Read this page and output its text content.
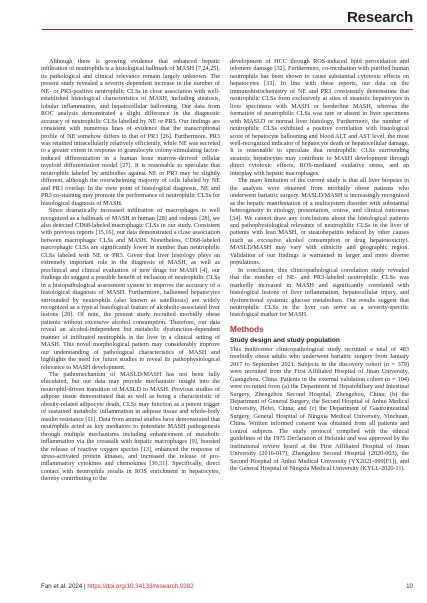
Research

Although there is growing evidence that enhanced hepatic infiltration of neutrophils is a histological hallmark of MASH [7,24,25], its pathological and clinical relevance remain largely unknown. The present study revealed a severity-dependent increase in the number of NE- or PR3-positive neutrophilic CLSs in close association with well-established histological characteristics of MASH, including steatosis, lobular inflammation, and hepatocellular ballooning. Our data from ROC analysis demonstrated a slight difference in the diagnostic accuracy of neutrophilic CLSs labelled by NE or PR3. Our findings are consistent with numerous lines of evidence that the transcriptional profile of NE somehow differs to that of PR3 [26]. Furthermore, PR3 was retained intracellularly relatively efficiently, while NE was secreted to a greater extent in response to granulocyte colony-stimulating factor-induced differentiation in a human bone marrow-derived cellular myeloid differentiation model [27]. It is reasonable to speculate that neutrophils labeled by antibodies against NE or PR3 may be slightly different, although the overwhelming majority of cells labeled by NE and PR3 overlap. In the view point of histological diagnosis, NE and PR3 co-staining may promote the performance of neutrophilic CLSs for histological diagnosis of MASH.

Since dramatically increased infiltration of macrophages is well recognized as a hallmark of MASH in human [28] and rodents [28], we also detected CD68-labeled macrophagic CLSs in our study. Consistent with previous reports [15,16], our data demonstrated a close association between macrophagic CLSs and MASH. Nonetheless, CD68-labeled macrophagic CLSs are significantly lower in number than neutrophilic CLSs labeled with NE or PR3. Given that liver histology plays an extremely important role in the diagnosis of MASH, as well as preclinical and clinical evaluation of new drugs for MASH [4], our findings do suggest a possible benefit of inclusion of neutrophilic CLSs in a histopathological assessment system to improve the accuracy of a histological diagnosis of MASH. Furthermore, ballooned hepatocytes surrounded by neutrophils (also known as satellitosis) are widely recognized as a typical histological feature of alcoholic-associated liver lesions [29]. Of note, the present study recruited morbidly obese patients without excessive alcohol consumption. Therefore, our data reveal an alcohol-independent but metabolic dysfunction-dependent manner of infiltrated neutrophils in the liver in a clinical setting of MASH. This novel morphological pattern may considerably improve our understanding of pathological characteristics of MASH and highlights the need for future studies to reveal its pathophysiological relevance to MASH development.

The pathomechanism of MASLD/MASH has not been fully elucidated, but our data may provide mechanistic insight into the neutrophil-driven transition of MASLD to MASH. Previous studies of adipose tissue demonstrated that as well as being a characteristic of obesity-related adipocyte death, CLSs may function as a potent trigger of sustained metabolic inflammation in adipose tissue and whole-body insulin resistance [11]. Data from animal studies have demonstrated that neutrophils acted as key mediators to potentiate MASH pathogenesis through multiple mechanisms including enhancement of metabolic inflammation via the crosstalk with hepatic macrophages [9], boosted the release of reactive oxygen species [13], enhanced the response of stress-activated protein kinases, and increased the release of pro-inflammatory cytokines and chemokines [30,31]. Specifically, direct contact with neutrophils results in ROS enrichment in hepatocytes, thereby contributing to the

development of HCC through ROS-induced lipid peroxidation and telomere damage [32]. Furthermore, co-incubation with purified human neutrophils has been shown to cause substantial cytotoxic effects on hepatocytes [33]. In line with these reports, our data on the immunohistochemistry of NE and PR3 consistently demonstrate that neutrophilic CLSs form exclusively at sites of steatotic hepatocytes in liver specimens with MASH or borderline MASH, whereas the formation of neutrophilic CLSs was rare or absent in liver specimens with MASLD or normal liver histology. Furthermore, the number of neutrophilic CLSs exhibited a positive correlation with histological score of hepatocyte ballooning and blood ALT and AST level, the most well-recognized indicator of hepatocyte death or hepatocellular damage. It is reasonable to speculate that neutrophilic CLSs surrounding steatotic hepatocytes may contribute to MASH development through direct cytotoxic effects, ROS-mediated oxidative stress, and an interplay with hepatic macrophages.

The main limitation of the current study is that all liver biopsies in the analysis were obtained from morbidly obese patients who underwent bariatric surgery. MASLD/MASH is increasingly recognized as the hepatic manifestation of a multisystem disorder with substantial heterogeneity in etiology, presentation, course, and clinical outcomes [34]. We cannot draw any conclusions about the histological patterns and pathophysiological relevance of neutrophilic CLSs in the liver of patients with lean MASH, or steatohepatitis induced by other causes (such as excessive alcohol consumption or drug hepatotoxicity). MASLD/MASH may vary with ethnicity and geographic region. Validation of our findings is warranted in larger and more diverse populations.

In conclusion, this clinicopathological correlation study revealed that the number of NE- and PR3-labeled neutrophilic CLSs was markedly increased in MASH and significantly correlated with histological lesions of liver inflammation, hepatocellular injury, and dysfunctional systemic glucose metabolism. Our results suggest that neutrophilic CLSs in the liver can serve as a severity-specific histological marker for MASH.

Methods
Study design and study population

This multicenter clinicopathological study recruited a total of 483 morbidly obese adults who underwent bariatric surgery from January 2017 to September 2021. Subjects in the discovery cohort (n = 379) were recruited from the First Affiliated Hospital of Jinan University, Guangzhou, China. Patients in the external validation cohort (n = 104) were recruited from (a) the Department of Hepatobiliary and Intestinal Surgery, Zhengzhou Second Hospital, Zhengzhou, China; (b) the Department of General Surgery, the Second Hospital of Anhui Medical University, Hefei, China; and (c) the Department of Gastrointestinal Surgery, General Hospital of Ningxia Medical University, Yinchuan, China. Written informed consent was obtained from all patients and control subjects. The study protocol complied with the ethical guidelines of the 1975 Declaration of Helsinki and was approved by the institutional review board at the First Affiliated Hospital of Jinan University (2016-017), Zhengzhou Second Hospital (2020-003), the Second Hospital of Anhui Medical University (YX2021-099[F1]), and the General Hospital of Ningxia Medical University (KYLL-2020-11).

Fan et al. 2024 | https://doi.org/10.34133/research.0382	10
